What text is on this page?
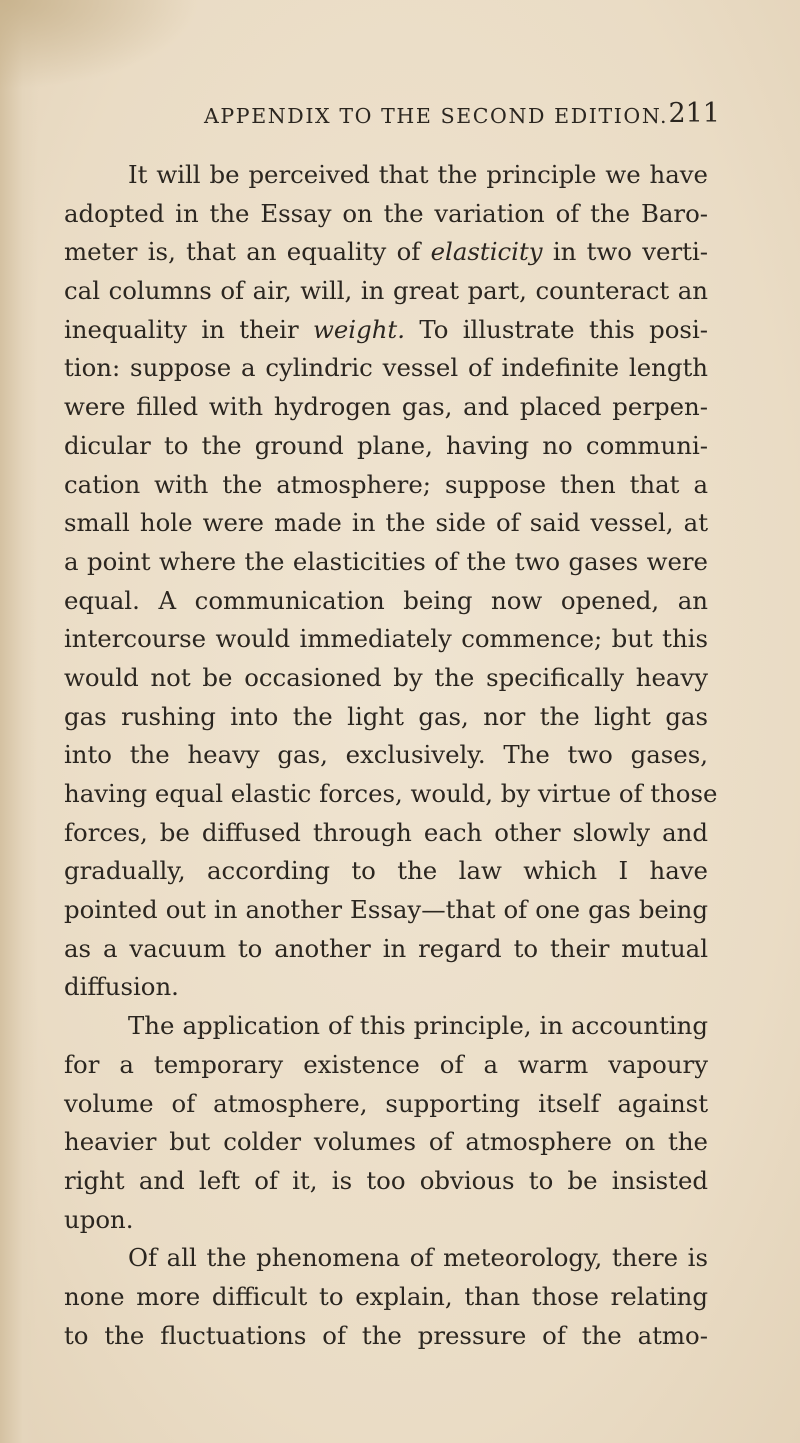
APPENDIX TO THE SECOND EDITION. 211
It will be perceived that the principle we have
adopted in the Essay on the variation of the Baro-
meter is, that an equality of elasticity in two verti-
cal columns of air, will, in great part, counteract an
inequality in their weight. To illustrate this posi-
tion: suppose a cylindric vessel of indefinite length
were filled with hydrogen gas, and placed perpen-
dicular to the ground plane, having no communi-
cation with the atmosphere; suppose then that a
small hole were made in the side of said vessel, at
a point where the elasticities of the two gases were
equal. A communication being now opened, an
intercourse would immediately commence; but this
would not be occasioned by the specifically heavy
gas rushing into the light gas, nor the light gas
into the heavy gas, exclusively. The two gases,
having equal elastic forces, would, by virtue of those
forces, be diffused through each other slowly and
gradually, according to the law which I have
pointed out in another Essay—that of one gas being
as a vacuum to another in regard to their mutual
diffusion.
The application of this principle, in accounting
for a temporary existence of a warm vapoury
volume of atmosphere, supporting itself against
heavier but colder volumes of atmosphere on the
right and left of it, is too obvious to be insisted
upon.
Of all the phenomena of meteorology, there is
none more difficult to explain, than those relating
to the fluctuations of the pressure of the atmo-
